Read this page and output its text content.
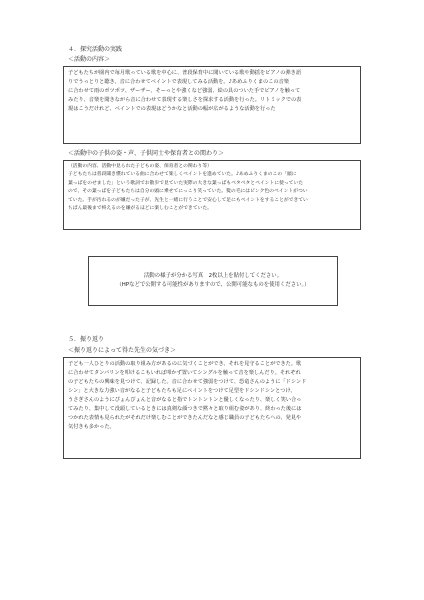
４．探究活動の実践
＜活動の内容＞

子どもたちが園内で毎月歌っている歌を中心に、普段保育中に聞いている歌や動揺をピアノの弾き語

りでうっとりと聴き、音に合わせてペイントで表現してみる活動を。♪あめふりくまのこの音楽

に合わせて雨のポツポツ、ザーザー、そーっとや強くなど強弱、絵の具のついた手でピアノを触って

みたり、音楽を聞きながら音に合わせて表現する楽しさを探求する活動を行った。リトミックでの表

現はこうだけれど、ペイントでの表現はどうかなと活動の幅が広がるような活動を行った

＜活動中の子供の姿・声、子供同士や保育者との関わり＞

（活動の内容、活動中見られた子どもの姿、保育者との関わり等）

子どもたちは普段聞き慣れている曲に合わせて楽しくペイントを進めていた。♪あめふりくまのこの「頭に

葉っぱをのせました」という歌詞でお散歩で見ていた実際の大きな葉っぱもベタベタとペイントに使っていた

ので、その葉っぱを子どもたちは自分の頭に乗せてにっこり笑っていた。髪の毛にはピンク色のペイントがつい

ていた。手が汚れるのが嫌だった子が、先生と一緒に行うことで安心して足にもペイントをすることができてい

ちばん最後まで終えるのを嫌がるほどに楽しむことができていた。

活動の様子が分かる写真　2枚以上を貼付してください。

（HPなどで公開する可能性がありますので、公開可能なものを使用ください。）

５．振り返り
＜振り返りによって得た先生の気づき＞

子ども一人ひとりの活動の取り組み方があるのに気づくことができ、それを見守ることができた。歌

に合わせてタンバリンを叩けるこもいれば叩かず置いてシングルを触って音を楽しんだり。それぞれ

の子どもたちの興味を見つけて、記録した。音に合わせて強弱をつけて、恐竜さんのように「ドシンド

シン」と大きな力強い音がなると子どもたちも足にペイントをつけて足型をドシンドシンとつけ、

うさぎさんのようにぴょんぴょんと音がなると指でトントントンと優しくなったり、楽しく笑い合っ

てみたり、集中して没頭しているときには真剣な顔つきで黙々と取り組む姿があり、終わった後には

つかれた表情も見られたがそれだけ楽しむことができたんだなと感じ職員の子どもたちへの、発見や

気付きも多かった。
